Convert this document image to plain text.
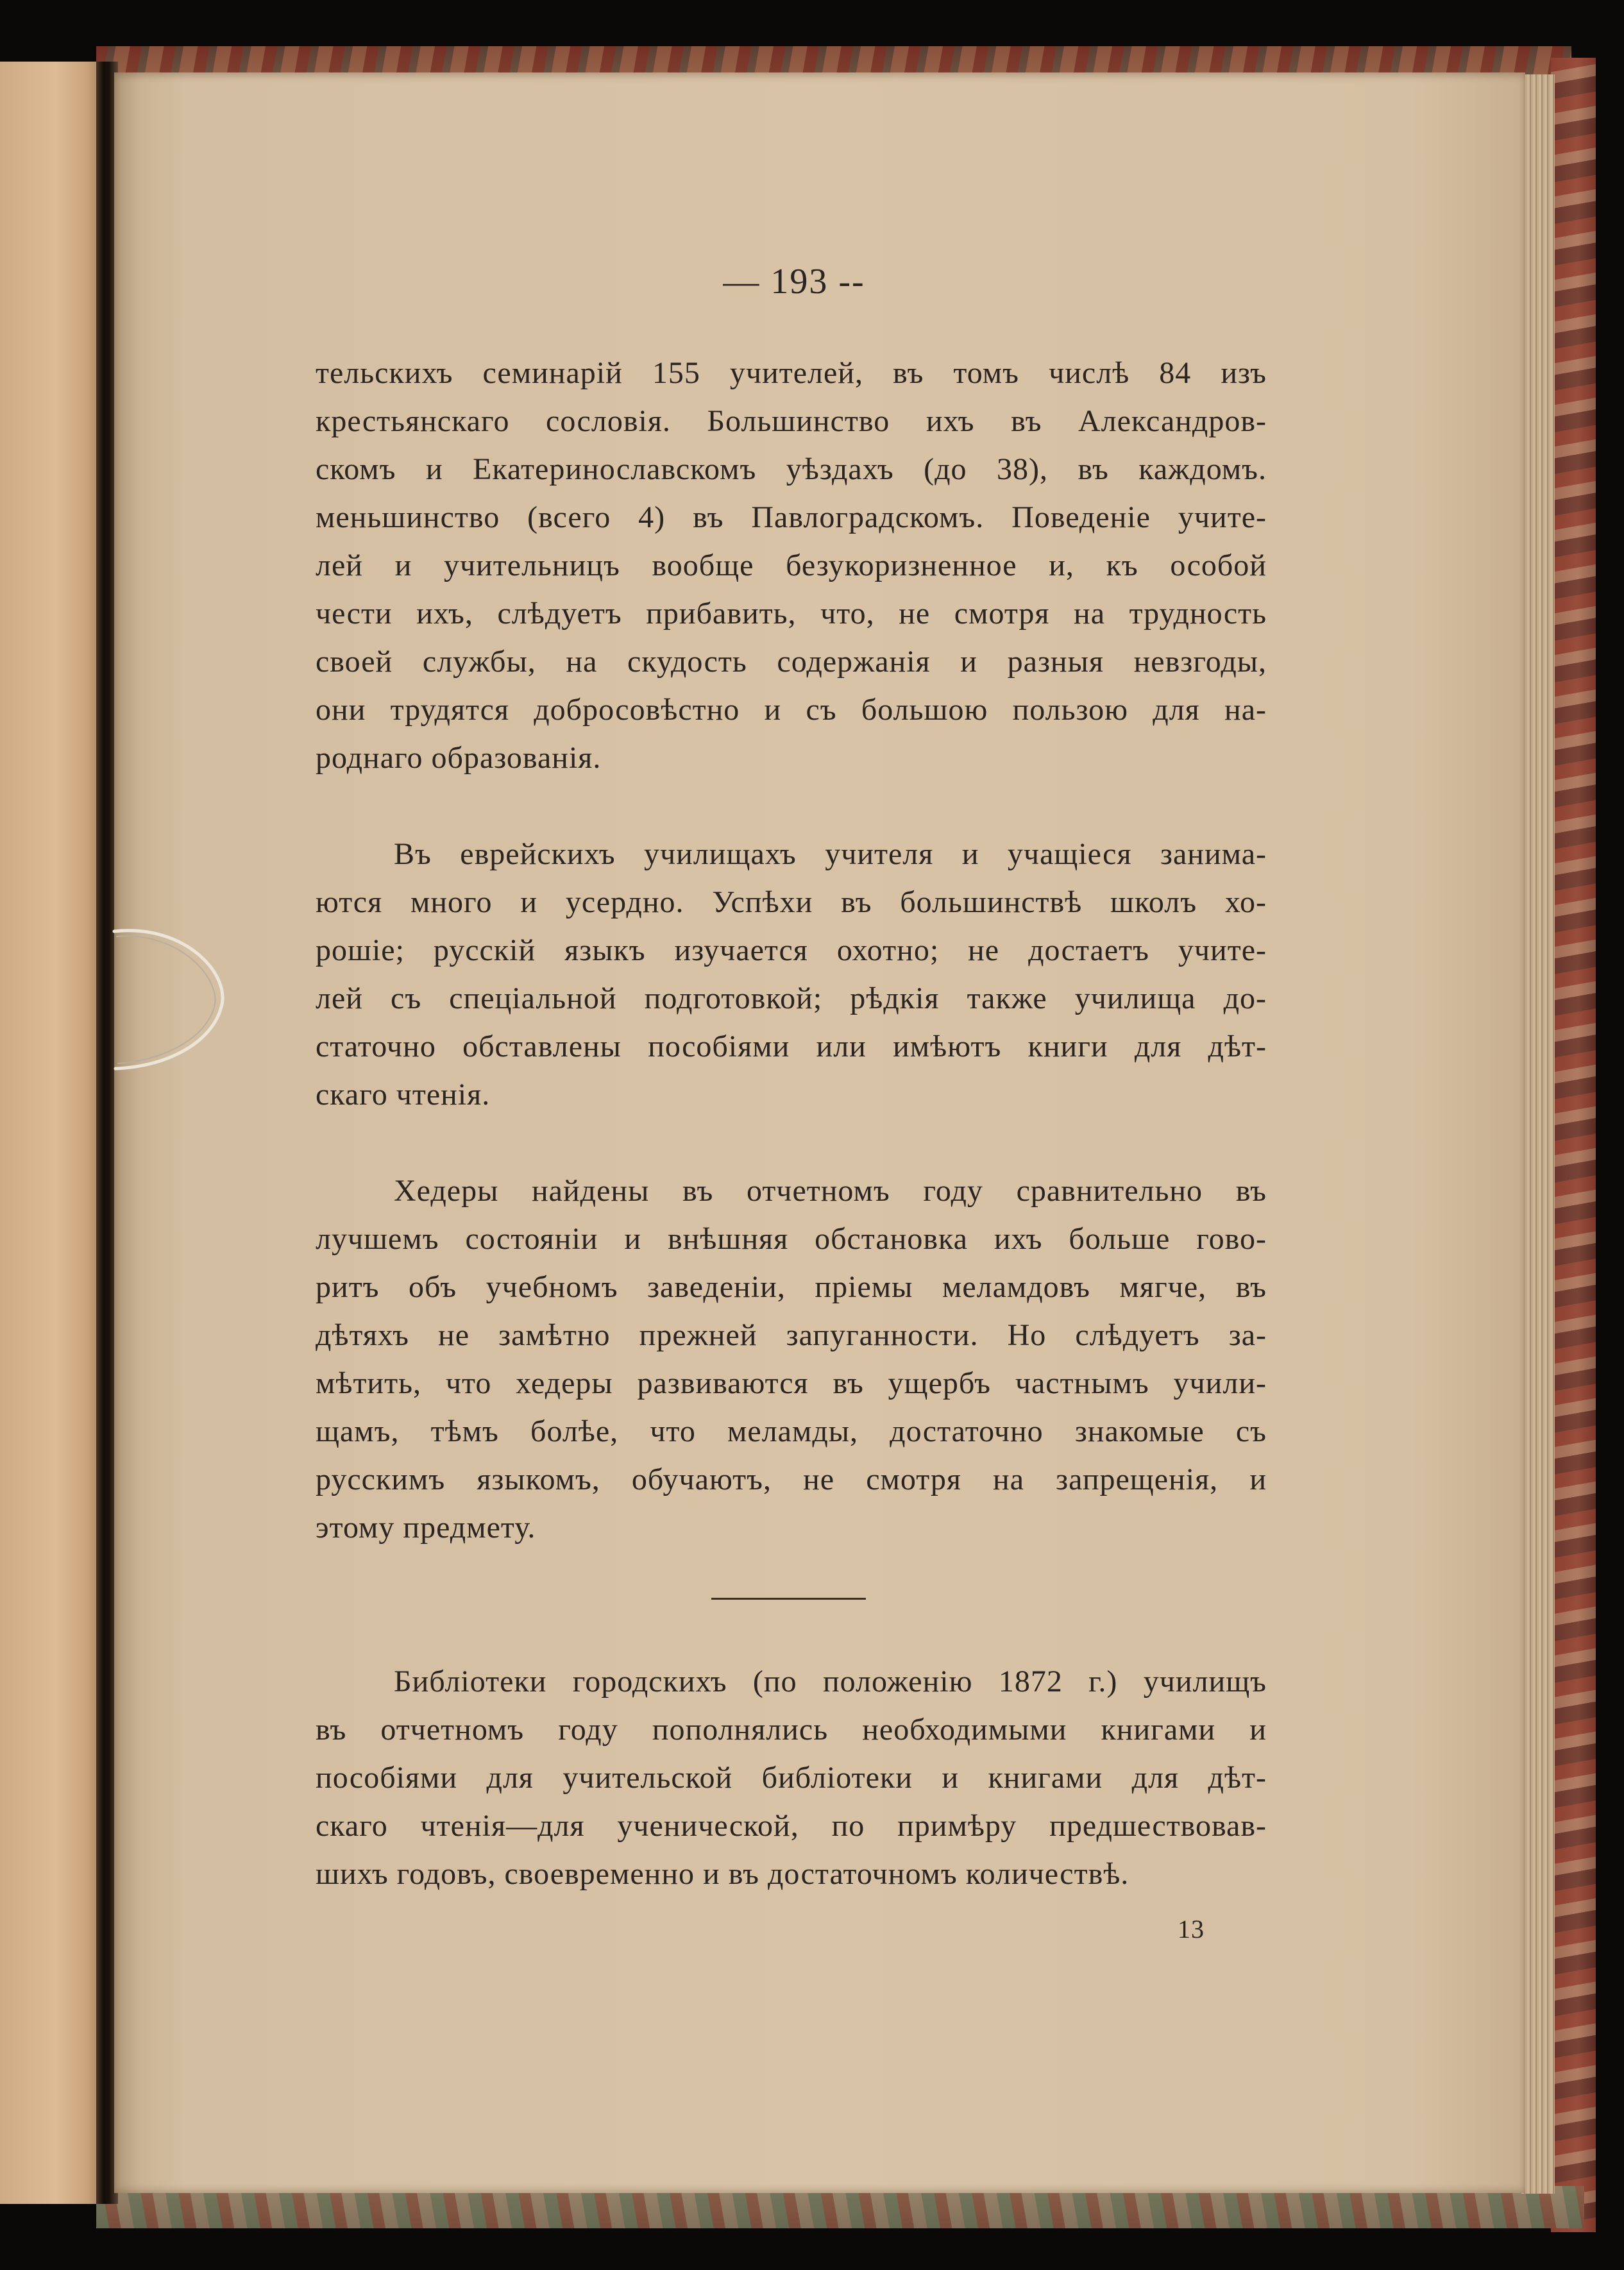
— 193 --
тельскихъ семинарій 155 учителей, въ томъ числѣ 84 изъ
крестьянскаго сословія. Большинство ихъ въ Александров-
скомъ и Екатеринославскомъ уѣздахъ (до 38), въ каждомъ.
меньшинство (всего 4) въ Павлоградскомъ. Поведеніе учите-
лей и учительницъ вообще безукоризненное и, къ особой
чести ихъ, слѣдуетъ прибавить, что, не смотря на трудность
своей службы, на скудость содержанія и разныя невзгоды,
они трудятся добросовѣстно и съ большою пользою для на-
роднаго образованія.
Въ еврейскихъ училищахъ учителя и учащіеся занима-
ются много и усердно. Успѣхи въ большинствѣ школъ хо-
рошіе; русскій языкъ изучается охотно; не достаетъ учите-
лей съ спеціальной подготовкой; рѣдкія также училища до-
статочно обставлены пособіями или имѣютъ книги для дѣт-
скаго чтенія.
Хедеры найдены въ отчетномъ году сравнительно въ
лучшемъ состояніи и внѣшняя обстановка ихъ больше гово-
ритъ объ учебномъ заведеніи, пріемы меламдовъ мягче, въ
дѣтяхъ не замѣтно прежней запуганности. Но слѣдуетъ за-
мѣтить, что хедеры развиваются въ ущербъ частнымъ учили-
щамъ, тѣмъ болѣе, что меламды, достаточно знакомые съ
русскимъ языкомъ, обучаютъ, не смотря на запрещенія, и
этому предмету.
Библіотеки городскихъ (по положенію 1872 г.) училищъ
въ отчетномъ году пополнялись необходимыми книгами и
пособіями для учительской библіотеки и книгами для дѣт-
скаго чтенія—для ученической, по примѣру предшествовав-
шихъ годовъ, своевременно и въ достаточномъ количествѣ.
13
